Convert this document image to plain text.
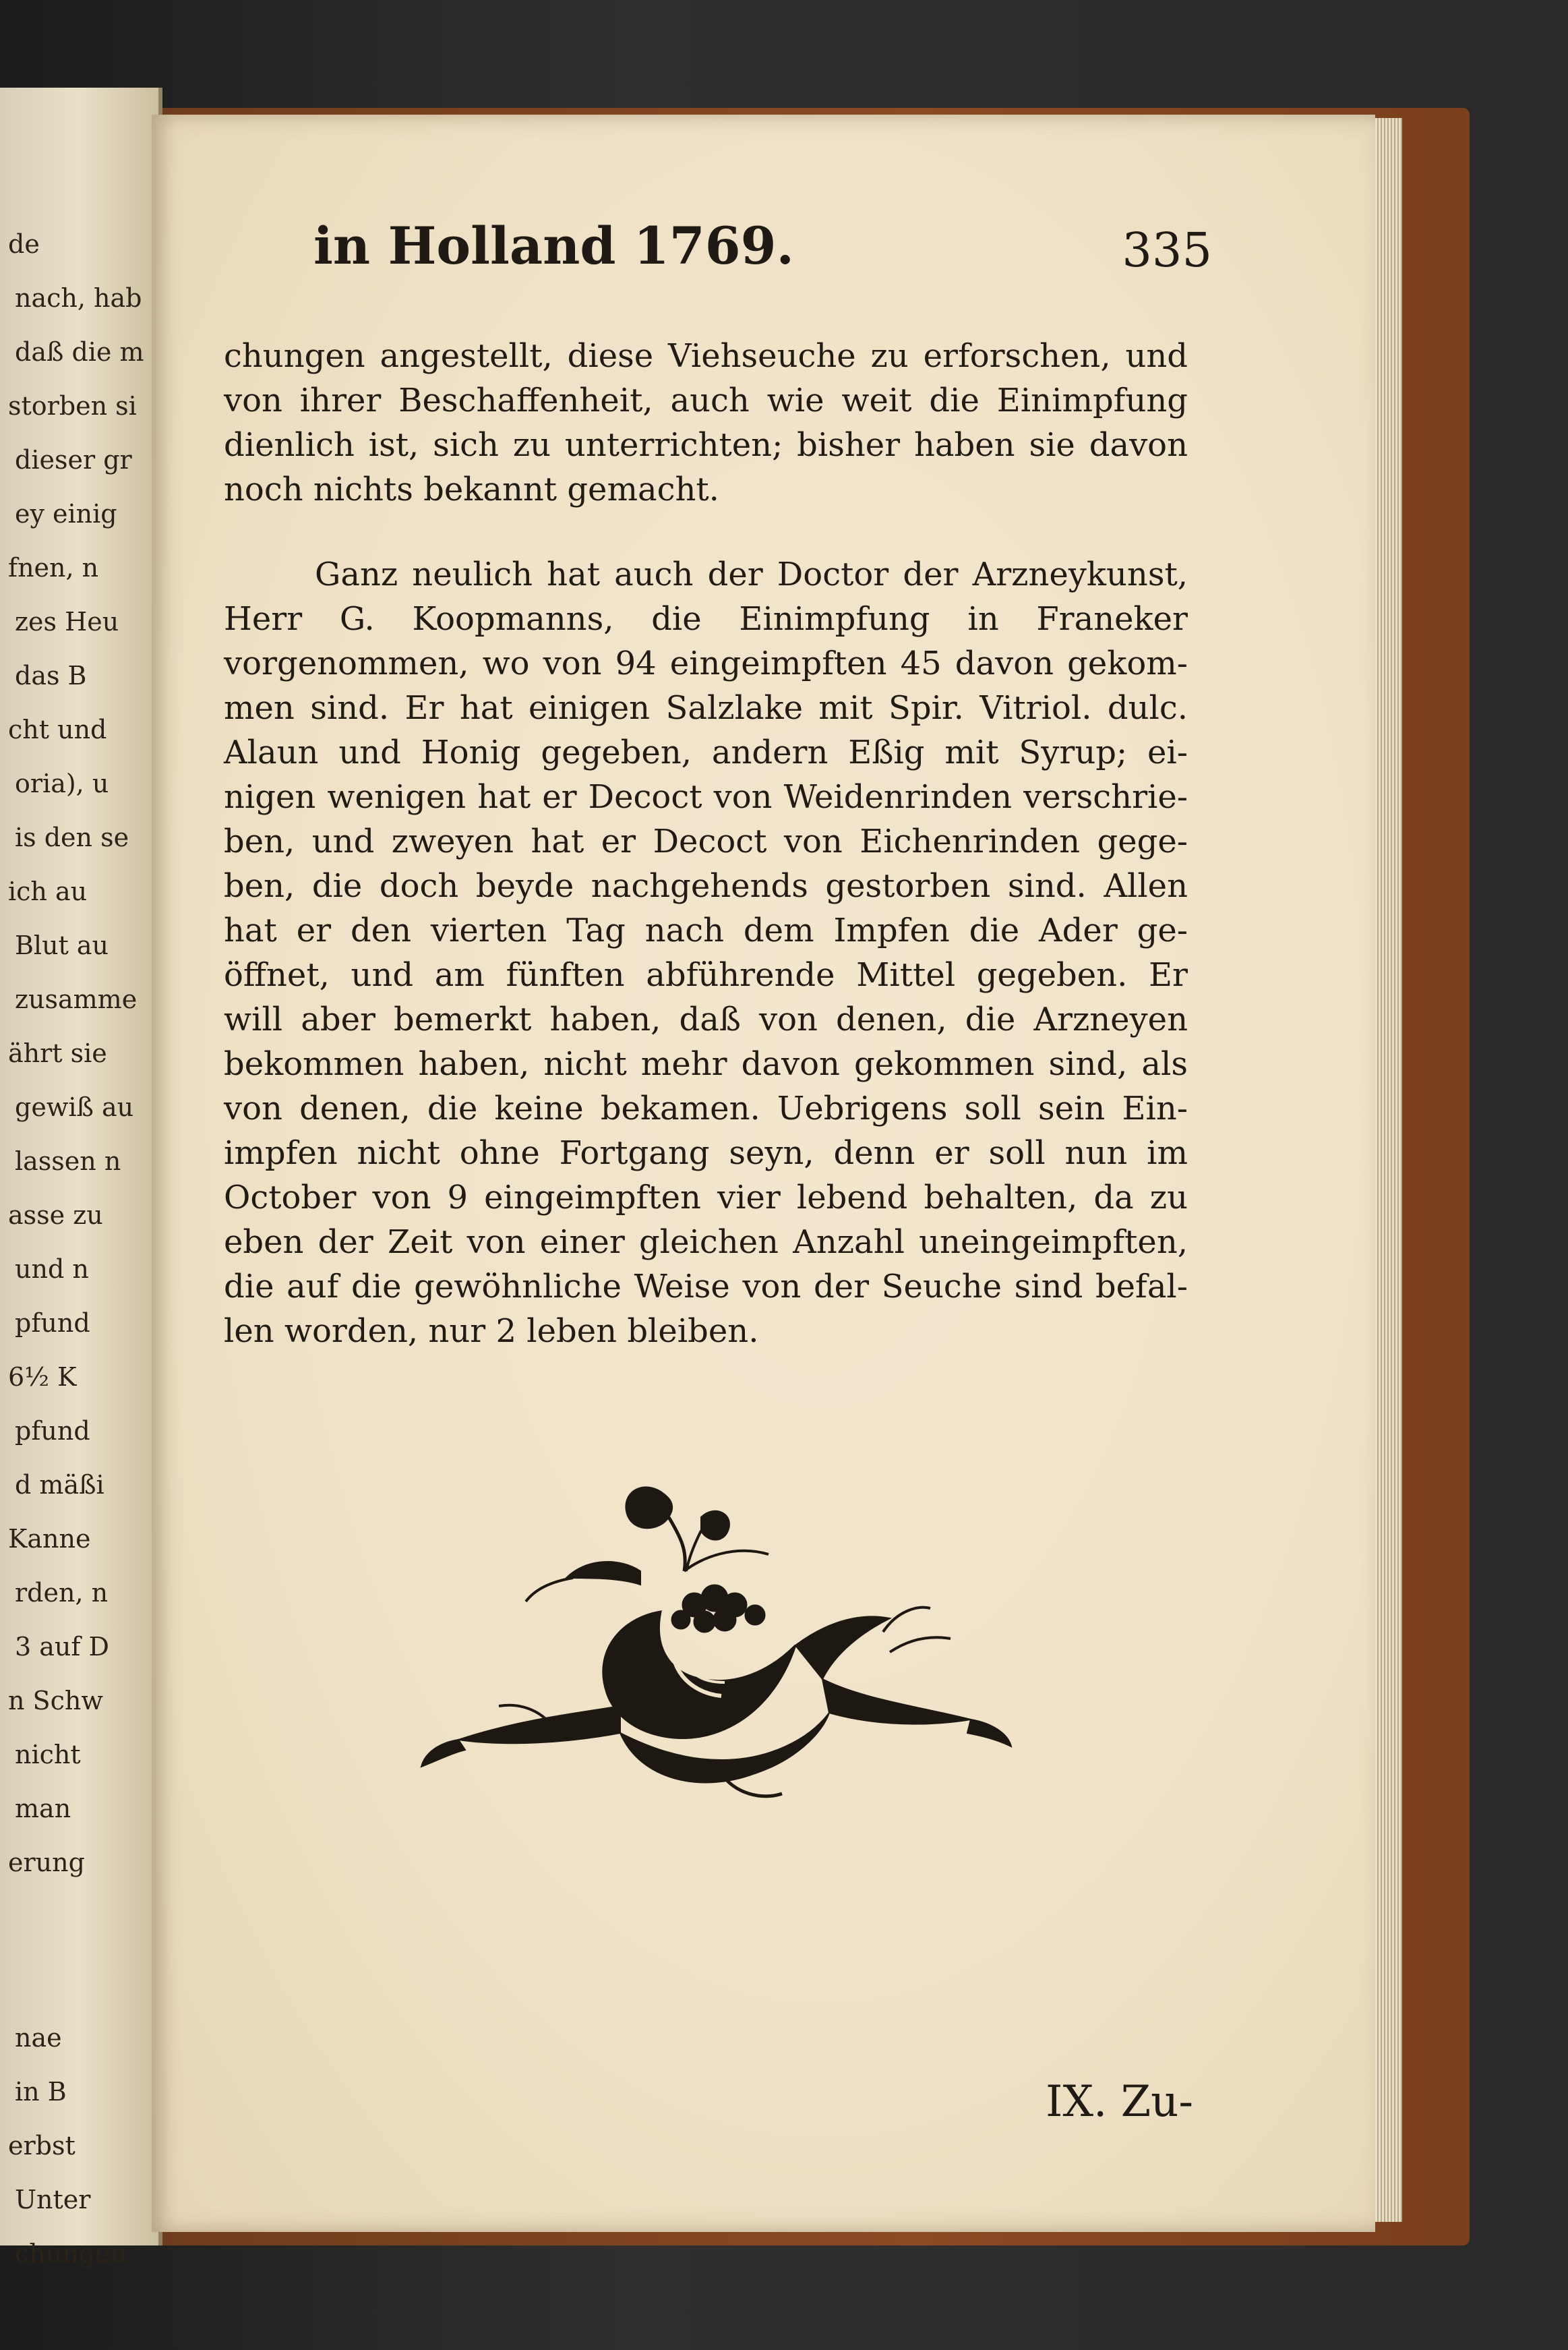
de
nach, hab
daß die m
storben si
dieser gr
ey einig
fnen, n
zes Heu
das B
cht und
oria), u
is den se
ich au
Blut au
zusamme
ährt sie
gewiß au
lassen n
asse zu
und n
pfund
6½ K
pfund
d mäßi
Kanne
rden, n
3 auf D
n Schw
nicht
man
erung
nae
in B
erbst
Unter
chungen
in Holland 1769.	335
chungen angestellt, diese Viehseuche zu erforschen, und
von ihrer Beschaffenheit, auch wie weit die Einimpfung
dienlich ist, sich zu unterrichten; bisher haben sie davon
noch nichts bekannt gemacht.
Ganz neulich hat auch der Doctor der Arzneykunst,
Herr G. Koopmanns, die Einimpfung in Franeker
vorgenommen, wo von 94 eingeimpften 45 davon gekom-
men sind. Er hat einigen Salzlake mit Spir. Vitriol. dulc.
Alaun und Honig gegeben, andern Eßig mit Syrup; ei-
nigen wenigen hat er Decoct von Weidenrinden verschrie-
ben, und zweyen hat er Decoct von Eichenrinden gege-
ben, die doch beyde nachgehends gestorben sind. Allen
hat er den vierten Tag nach dem Impfen die Ader ge-
öffnet, und am fünften abführende Mittel gegeben. Er
will aber bemerkt haben, daß von denen, die Arzneyen
bekommen haben, nicht mehr davon gekommen sind, als
von denen, die keine bekamen. Uebrigens soll sein Ein-
impfen nicht ohne Fortgang seyn, denn er soll nun im
October von 9 eingeimpften vier lebend behalten, da zu
eben der Zeit von einer gleichen Anzahl uneingeimpften,
die auf die gewöhnliche Weise von der Seuche sind befal-
len worden, nur 2 leben bleiben.
IX. Zu-
